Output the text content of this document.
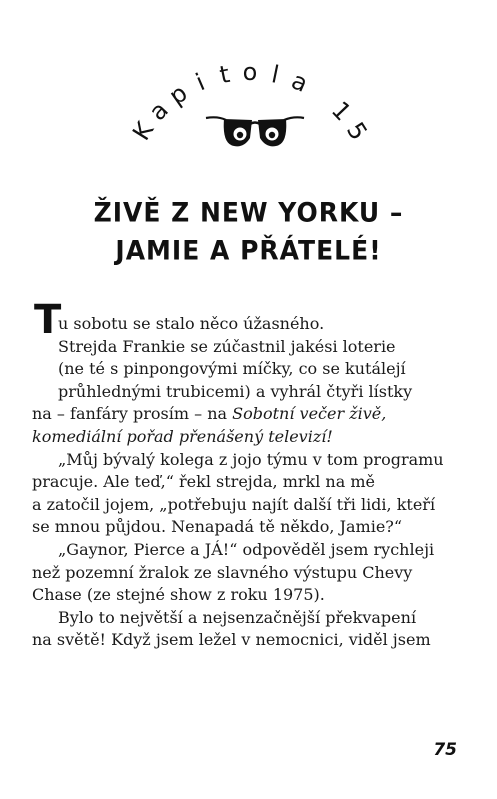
K
a
p i t o l a
1
5
ŽIVĚ Z NEW YORKU –
JAMIE A PŘÁTELÉ!
T
u sobotu se stalo něco úžasného.
Strejda Frankie se zúčastnil jakési loterie
(ne té s pinpongovými míčky, co se kutálejí
průhlednými trubicemi) a vyhrál čtyři lístky
na – fanfáry prosím – na Sobotní večer živě,
komediální pořad přenášený televizí!
„Můj bývalý kolega z jojo týmu v tom programu
pracuje. Ale teď,“ řekl strejda, mrkl na mě
a zatočil jojem, „potřebuju najít další tři lidi, kteří
se mnou půjdou. Nenapadá tě někdo, Jamie?“
„Gaynor, Pierce a JÁ!“ odpověděl jsem rychleji
než pozemní žralok ze slavného výstupu Chevy
Chase (ze stejné show z roku 1975).
Bylo to největší a nejsenzačnější překvapení
na světě! Když jsem ležel v nemocnici, viděl jsem
75
